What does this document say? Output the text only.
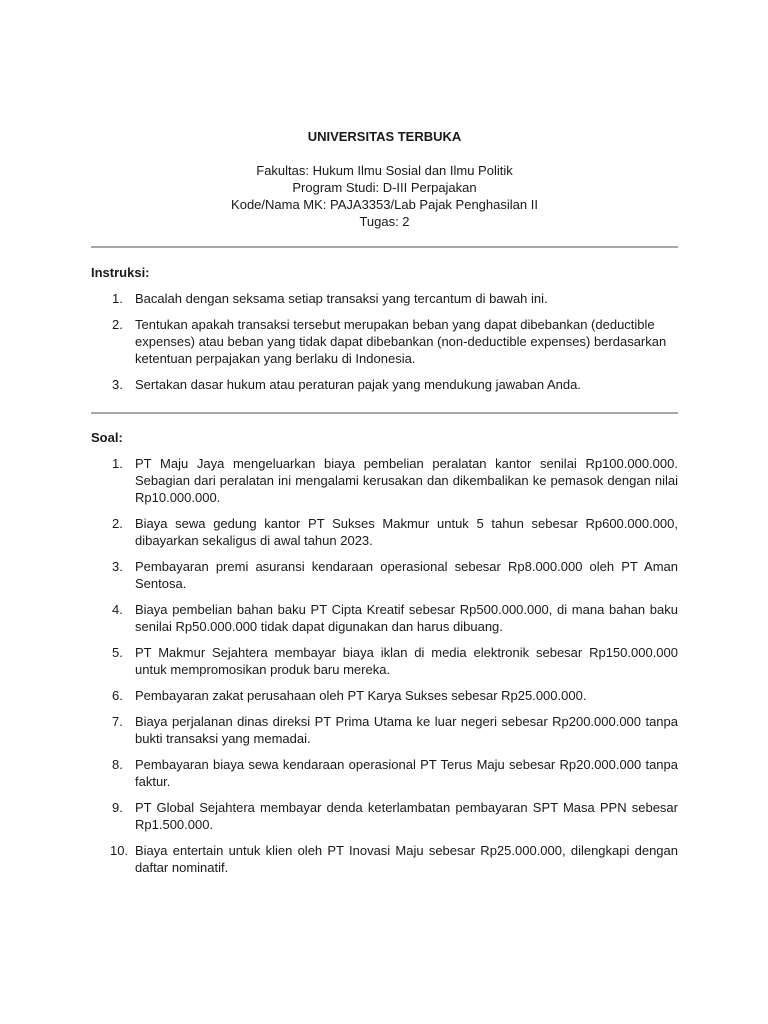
UNIVERSITAS TERBUKA

Fakultas: Hukum Ilmu Sosial dan Ilmu Politik

Program Studi: D-III Perpajakan

Kode/Nama MK: PAJA3353/Lab Pajak Penghasilan II

Tugas: 2

Instruksi:

1. Bacalah dengan seksama setiap transaksi yang tercantum di bawah ini.
2. Tentukan apakah transaksi tersebut merupakan beban yang dapat dibebankan (deductible expenses) atau beban yang tidak dapat dibebankan (non-deductible expenses) berdasarkan ketentuan perpajakan yang berlaku di Indonesia.
3. Sertakan dasar hukum atau peraturan pajak yang mendukung jawaban Anda.

Soal:

1. PT Maju Jaya mengeluarkan biaya pembelian peralatan kantor senilai Rp100.000.000. Sebagian dari peralatan ini mengalami kerusakan dan dikembalikan ke pemasok dengan nilai Rp10.000.000.
2. Biaya sewa gedung kantor PT Sukses Makmur untuk 5 tahun sebesar Rp600.000.000, dibayarkan sekaligus di awal tahun 2023.
3. Pembayaran premi asuransi kendaraan operasional sebesar Rp8.000.000 oleh PT Aman Sentosa.
4. Biaya pembelian bahan baku PT Cipta Kreatif sebesar Rp500.000.000, di mana bahan baku senilai Rp50.000.000 tidak dapat digunakan dan harus dibuang.
5. PT Makmur Sejahtera membayar biaya iklan di media elektronik sebesar Rp150.000.000 untuk mempromosikan produk baru mereka.
6. Pembayaran zakat perusahaan oleh PT Karya Sukses sebesar Rp25.000.000.
7. Biaya perjalanan dinas direksi PT Prima Utama ke luar negeri sebesar Rp200.000.000 tanpa bukti transaksi yang memadai.
8. Pembayaran biaya sewa kendaraan operasional PT Terus Maju sebesar Rp20.000.000 tanpa faktur.
9. PT Global Sejahtera membayar denda keterlambatan pembayaran SPT Masa PPN sebesar Rp1.500.000.
10. Biaya entertain untuk klien oleh PT Inovasi Maju sebesar Rp25.000.000, dilengkapi dengan daftar nominatif.
